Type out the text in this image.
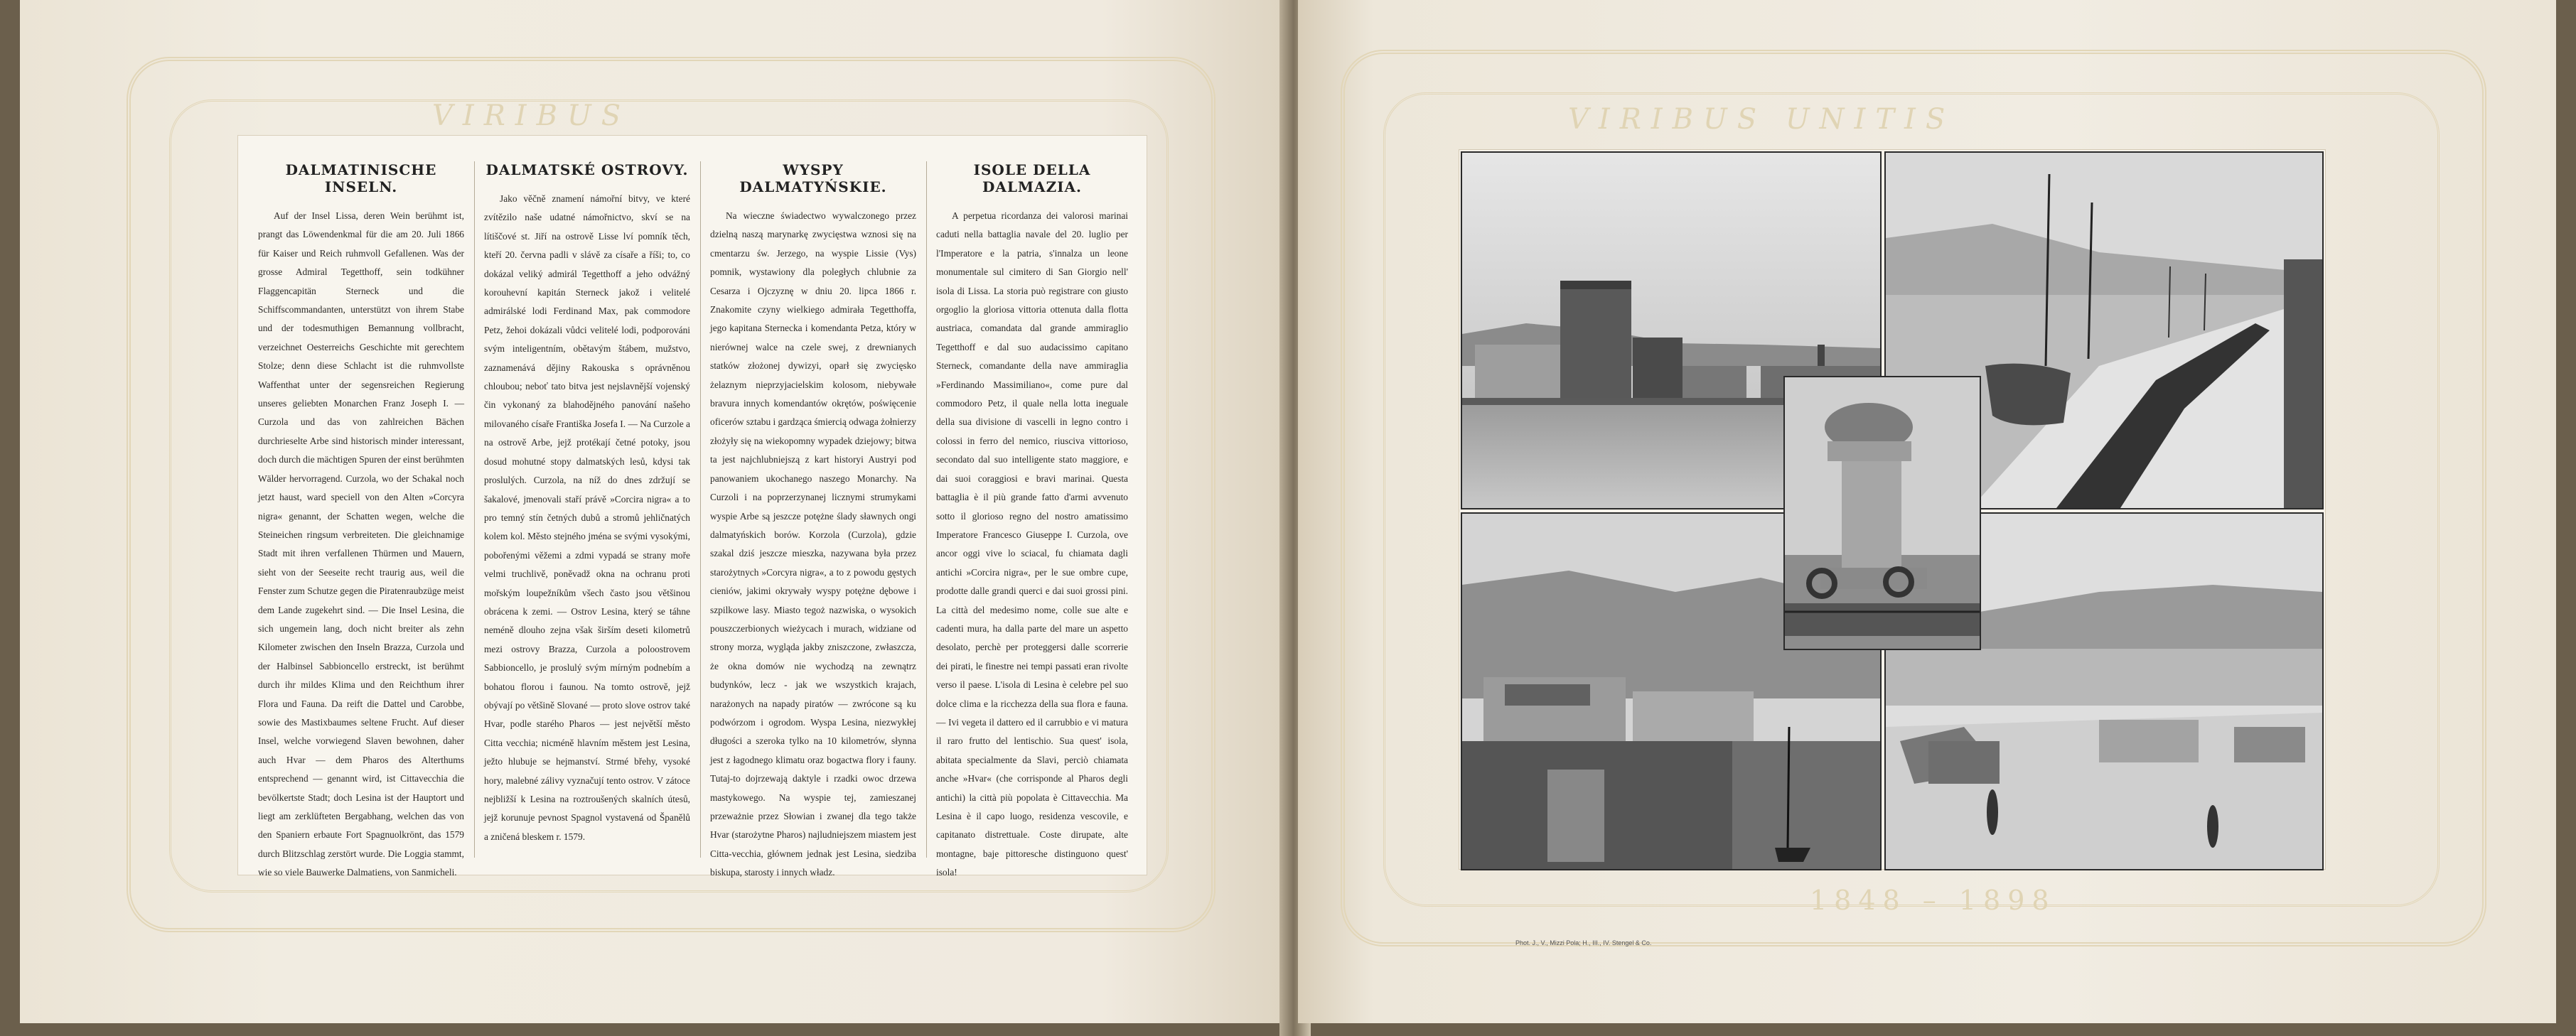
VIRIBUS
DALMATINISCHE INSELN.

Auf der Insel Lissa, deren Wein berühmt ist, prangt das Löwendenkmal für die am 20. Juli 1866 für Kaiser und Reich ruhmvoll Gefallenen. Was der grosse Admiral Tegetthoff, sein todkühner Flaggencapitän Sterneck und die Schiffscommandanten, unterstützt von ihrem Stabe und der todesmuthigen Bemannung vollbracht, verzeichnet Oesterreichs Geschichte mit gerechtem Stolze; denn diese Schlacht ist die ruhmvollste Waffenthat unter der segensreichen Regierung unseres geliebten Monarchen Franz Joseph I. — Curzola und das von zahlreichen Bächen durchrieselte Arbe sind historisch minder interessant, doch durch die mächtigen Spuren der einst berühmten Wälder hervorragend. Curzola, wo der Schakal noch jetzt haust, ward speciell von den Alten »Corcyra nigra« genannt, der Schatten wegen, welche die Steineichen ringsum verbreiteten. Die gleichnamige Stadt mit ihren verfallenen Thürmen und Mauern, sieht von der Seeseite recht traurig aus, weil die Fenster zum Schutze gegen die Piratenraubzüge meist dem Lande zugekehrt sind. — Die Insel Lesina, die sich ungemein lang, doch nicht breiter als zehn Kilometer zwischen den Inseln Brazza, Curzola und der Halbinsel Sabbioncello erstreckt, ist berühmt durch ihr mildes Klima und den Reichthum ihrer Flora und Fauna. Da reift die Dattel und Carobbe, sowie des Mastixbaumes seltene Frucht. Auf dieser Insel, welche vorwiegend Slaven bewohnen, daher auch Hvar — dem Pharos des Alterthums entsprechend — genannt wird, ist Cittavecchia die bevölkertste Stadt; doch Lesina ist der Hauptort und liegt am zerklüfteten Bergabhang, welchen das von den Spaniern erbaute Fort Spagnuolkrönt, das 1579 durch Blitzschlag zerstört wurde. Die Loggia stammt, wie so viele Bauwerke Dalmatiens, von Sanmicheli.

DALMATSKÉ OSTROVY.

Jako věčně znamení námořní bitvy, ve které zvítězilo naše udatné námořnictvo, skví se na lítiščové st. Jiří na ostrově Lisse lví pomník těch, kteří 20. června padli v slávě za císaře a říši; to, co dokázal veliký admirál Tegetthoff a jeho odvážný korouhevní kapitán Sterneck jakož i velitelé admirálské lodi Ferdinand Max, pak commodore Petz, žehoi dokázali vůdci velitelé lodi, podporováni svým inteligentním, obětavým štábem, mužstvo, zaznamenává dějiny Rakouska s oprávněnou chloubou; neboť tato bitva jest nejslavnější vojenský čin vykonaný za blahodějného panování našeho milovaného císaře Františka Josefa I. — Na Curzole a na ostrově Arbe, jejž protékají četné potoky, jsou dosud mohutné stopy dalmatských lesů, kdysi tak proslulých. Curzola, na níž do dnes zdržují se šakalové, jmenovali staří právě »Corcira nigra« a to pro temný stín četných dubů a stromů jehličnatých kolem kol. Město stejného jména se svými vysokými, pobořenými věžemi a zdmi vypadá se strany moře velmi truchlivě, poněvadž okna na ochranu proti mořským loupežníkům všech často jsou většinou obrácena k zemi. — Ostrov Lesina, který se táhne neméně dlouho zejna však širším deseti kilometrů mezi ostrovy Brazza, Curzola a poloostrovem Sabbioncello, je proslulý svým mírným podnebím a bohatou florou i faunou. Na tomto ostrově, jejž obývají po většině Slované — proto slove ostrov také Hvar, podle starého Pharos — jest největší město Citta vecchia; nicméně hlavním městem jest Lesina, ježto hlubuje se hejmanství. Strmé břehy, vysoké hory, malebné zálivy vyznačují tento ostrov. V zátoce nejbližší k Lesina na roztroušených skalních útesů, jejž korunuje pevnost Spagnol vystavená od Španělů a zničená bleskem r. 1579.

WYSPY DALMATYŃSKIE.

Na wieczne świadectwo wywalczonego przez dzielną naszą marynarkę zwycięstwa wznosi się na cmentarzu św. Jerzego, na wyspie Lissie (Vys) pomnik, wystawiony dla poległych chlubnie za Cesarza i Ojczyznę w dniu 20. lipca 1866 r. Znakomite czyny wielkiego admirała Tegetthoffa, jego kapitana Sternecka i komendanta Petza, który w nierównej walce na czele swej, z drewnianych statków złożonej dywizyi, oparł się zwycięsko żelaznym nieprzyjacielskim kolosom, niebywałe bravura innych komendantów okrętów, poświęcenie oficerów sztabu i gardząca śmiercią odwaga żołnierzy złożyły się na wiekopomny wypadek dziejowy; bitwa ta jest najchlubniejszą z kart historyi Austryi pod panowaniem ukochanego naszego Monarchy. Na Curzoli i na poprzerzynanej licznymi strumykami wyspie Arbe są jeszcze potężne ślady sławnych ongi dalmatyńskich borów. Korzola (Curzola), gdzie szakal dziś jeszcze mieszka, nazywana była przez starożytnych »Corcyra nigra«, a to z powodu gęstych cieniów, jakimi okrywały wyspy potężne dębowe i szpilkowe lasy. Miasto tegoż nazwiska, o wysokich pouszczerbionych wieżycach i murach, widziane od strony morza, wygląda jakby zniszczone, zwłaszcza, że okna domów nie wychodzą na zewnątrz budynków, lecz - jak we wszystkich krajach, narażonych na napady piratów — zwrócone są ku podwórzom i ogrodom. Wyspa Lesina, niezwykłej długości a szeroka tylko na 10 kilometrów, słynna jest z łagodnego klimatu oraz bogactwa flory i fauny. Tutaj-to dojrzewają daktyle i rzadki owoc drzewa mastykowego. Na wyspie tej, zamieszanej przeważnie przez Słowian i zwanej dla tego także Hvar (starożytne Pharos) najludniejszem miastem jest Citta-vecchia, głównem jednak jest Lesina, siedziba biskupa, starosty i innych władz.

ISOLE DELLA DALMAZIA.

A perpetua ricordanza dei valorosi marinai caduti nella battaglia navale del 20. luglio per l'Imperatore e la patria, s'innalza un leone monumentale sul cimitero di San Giorgio nell' isola di Lissa. La storia può registrare con giusto orgoglio la gloriosa vittoria ottenuta dalla flotta austriaca, comandata dal grande ammiraglio Tegetthoff e dal suo audacissimo capitano Sterneck, comandante della nave ammiraglia »Ferdinando Massimiliano«, come pure dal commodoro Petz, il quale nella lotta ineguale della sua divisione di vascelli in legno contro i colossi in ferro del nemico, riusciva vittorioso, secondato dal suo intelligente stato maggiore, e dai suoi coraggiosi e bravi marinai. Questa battaglia è il più grande fatto d'armi avvenuto sotto il glorioso regno del nostro amatissimo Imperatore Francesco Giuseppe I. Curzola, ove ancor oggi vive lo sciacal, fu chiamata dagli antichi »Corcira nigra«, per le sue ombre cupe, prodotte dalle grandi querci e dai suoi grossi pini. La città del medesimo nome, colle sue alte e cadenti mura, ha dalla parte del mare un aspetto desolato, perchè per proteggersi dalle scorrerie dei pirati, le finestre nei tempi passati eran rivolte verso il paese. L'isola di Lesina è celebre pel suo dolce clima e la ricchezza della sua flora e fauna. — Ivi vegeta il dattero ed il carrubbio e vi matura il raro frutto del lentischio. Sua quest' isola, abitata specialmente da Slavi, perciò chiamata anche »Hvar« (che corrisponde al Pharos degli antichi) la città più popolata è Cittavecchia. Ma Lesina è il capo luogo, residenza vescovile, e capitanato distrettuale. Coste dirupate, alte montagne, baje pittoresche distinguono quest' isola!

VIRIBUS UNITIS
1848 – 1898
Phot. J., V., Mizzi Pola; H., III., IV. Stengel & Co.
